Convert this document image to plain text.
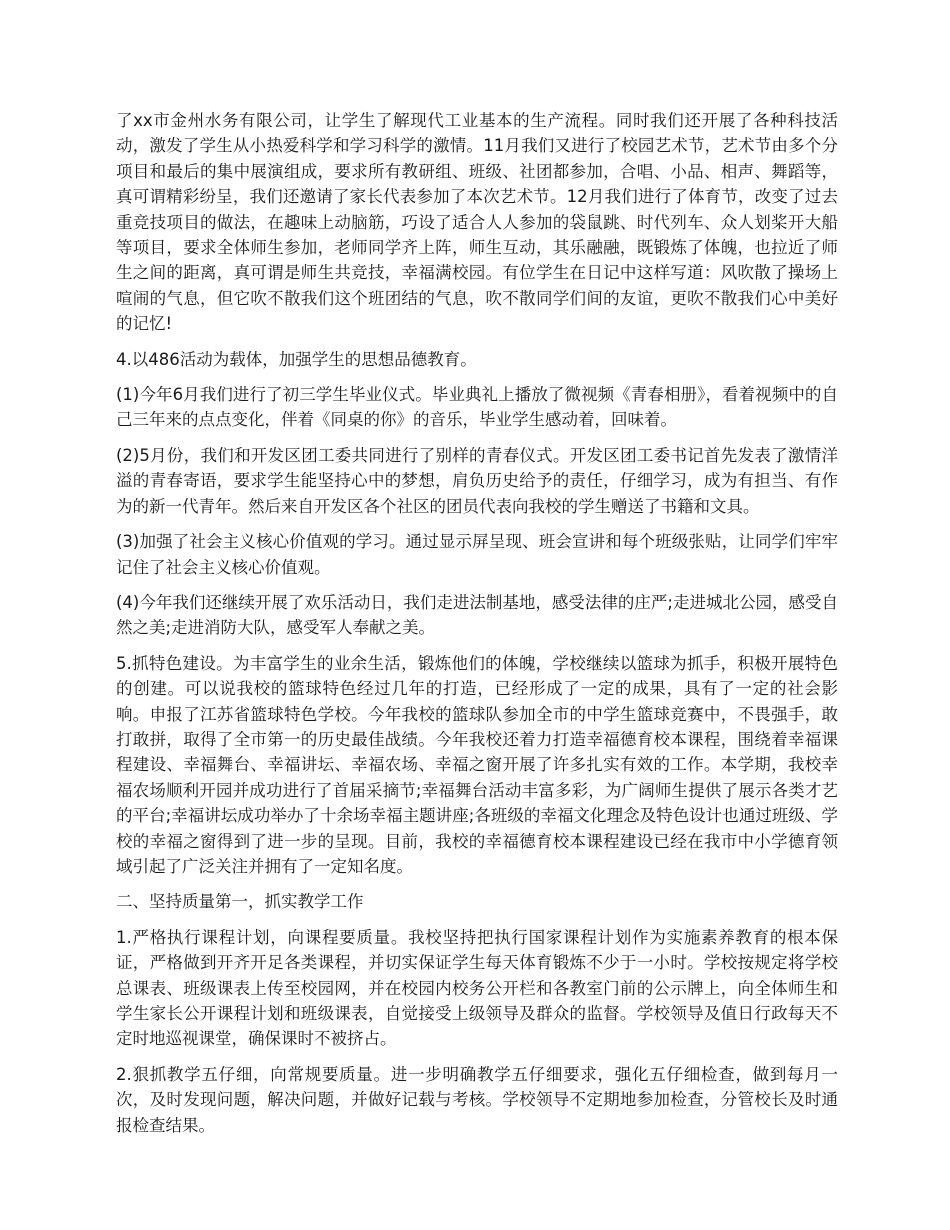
了xx市金州水务有限公司，让学生了解现代工业基本的生产流程。同时我们还开展了各种科技活动，激发了学生从小热爱科学和学习科学的激情。11月我们又进行了校园艺术节，艺术节由多个分项目和最后的集中展演组成，要求所有教研组、班级、社团都参加，合唱、小品、相声、舞蹈等，真可谓精彩纷呈，我们还邀请了家长代表参加了本次艺术节。12月我们进行了体育节，改变了过去重竞技项目的做法，在趣味上动脑筋，巧设了适合人人参加的袋鼠跳、时代列车、众人划桨开大船等项目，要求全体师生参加，老师同学齐上阵，师生互动，其乐融融，既锻炼了体魄，也拉近了师生之间的距离，真可谓是师生共竞技，幸福满校园。有位学生在日记中这样写道：风吹散了操场上喧闹的气息，但它吹不散我们这个班团结的气息，吹不散同学们间的友谊，更吹不散我们心中美好的记忆!

4.以486活动为载体，加强学生的思想品德教育。

(1)今年6月我们进行了初三学生毕业仪式。毕业典礼上播放了微视频《青春相册》，看着视频中的自己三年来的点点变化，伴着《同桌的你》的音乐，毕业学生感动着，回味着。

(2)5月份，我们和开发区团工委共同进行了别样的青春仪式。开发区团工委书记首先发表了激情洋溢的青春寄语，要求学生能坚持心中的梦想，肩负历史给予的责任，仔细学习，成为有担当、有作为的新一代青年。然后来自开发区各个社区的团员代表向我校的学生赠送了书籍和文具。

(3)加强了社会主义核心价值观的学习。通过显示屏呈现、班会宣讲和每个班级张贴，让同学们牢牢记住了社会主义核心价值观。

(4)今年我们还继续开展了欢乐活动日，我们走进法制基地，感受法律的庄严;走进城北公园，感受自然之美;走进消防大队，感受军人奉献之美。

5.抓特色建设。为丰富学生的业余生活，锻炼他们的体魄，学校继续以篮球为抓手，积极开展特色的创建。可以说我校的篮球特色经过几年的打造，已经形成了一定的成果，具有了一定的社会影响。申报了江苏省篮球特色学校。今年我校的篮球队参加全市的中学生篮球竞赛中，不畏强手，敢打敢拼，取得了全市第一的历史最佳战绩。今年我校还着力打造幸福德育校本课程，围绕着幸福课程建设、幸福舞台、幸福讲坛、幸福农场、幸福之窗开展了许多扎实有效的工作。本学期，我校幸福农场顺利开园并成功进行了首届采摘节;幸福舞台活动丰富多彩，为广阔师生提供了展示各类才艺的平台;幸福讲坛成功举办了十余场幸福主题讲座;各班级的幸福文化理念及特色设计也通过班级、学校的幸福之窗得到了进一步的呈现。目前，我校的幸福德育校本课程建设已经在我市中小学德育领域引起了广泛关注并拥有了一定知名度。

二、坚持质量第一，抓实教学工作

1.严格执行课程计划，向课程要质量。我校坚持把执行国家课程计划作为实施素养教育的根本保证，严格做到开齐开足各类课程，并切实保证学生每天体育锻炼不少于一小时。学校按规定将学校总课表、班级课表上传至校园网，并在校园内校务公开栏和各教室门前的公示牌上，向全体师生和学生家长公开课程计划和班级课表，自觉接受上级领导及群众的监督。学校领导及值日行政每天不定时地巡视课堂，确保课时不被挤占。

2.狠抓教学五仔细，向常规要质量。进一步明确教学五仔细要求，强化五仔细检查，做到每月一次，及时发现问题，解决问题，并做好记载与考核。学校领导不定期地参加检查，分管校长及时通报检查结果。
